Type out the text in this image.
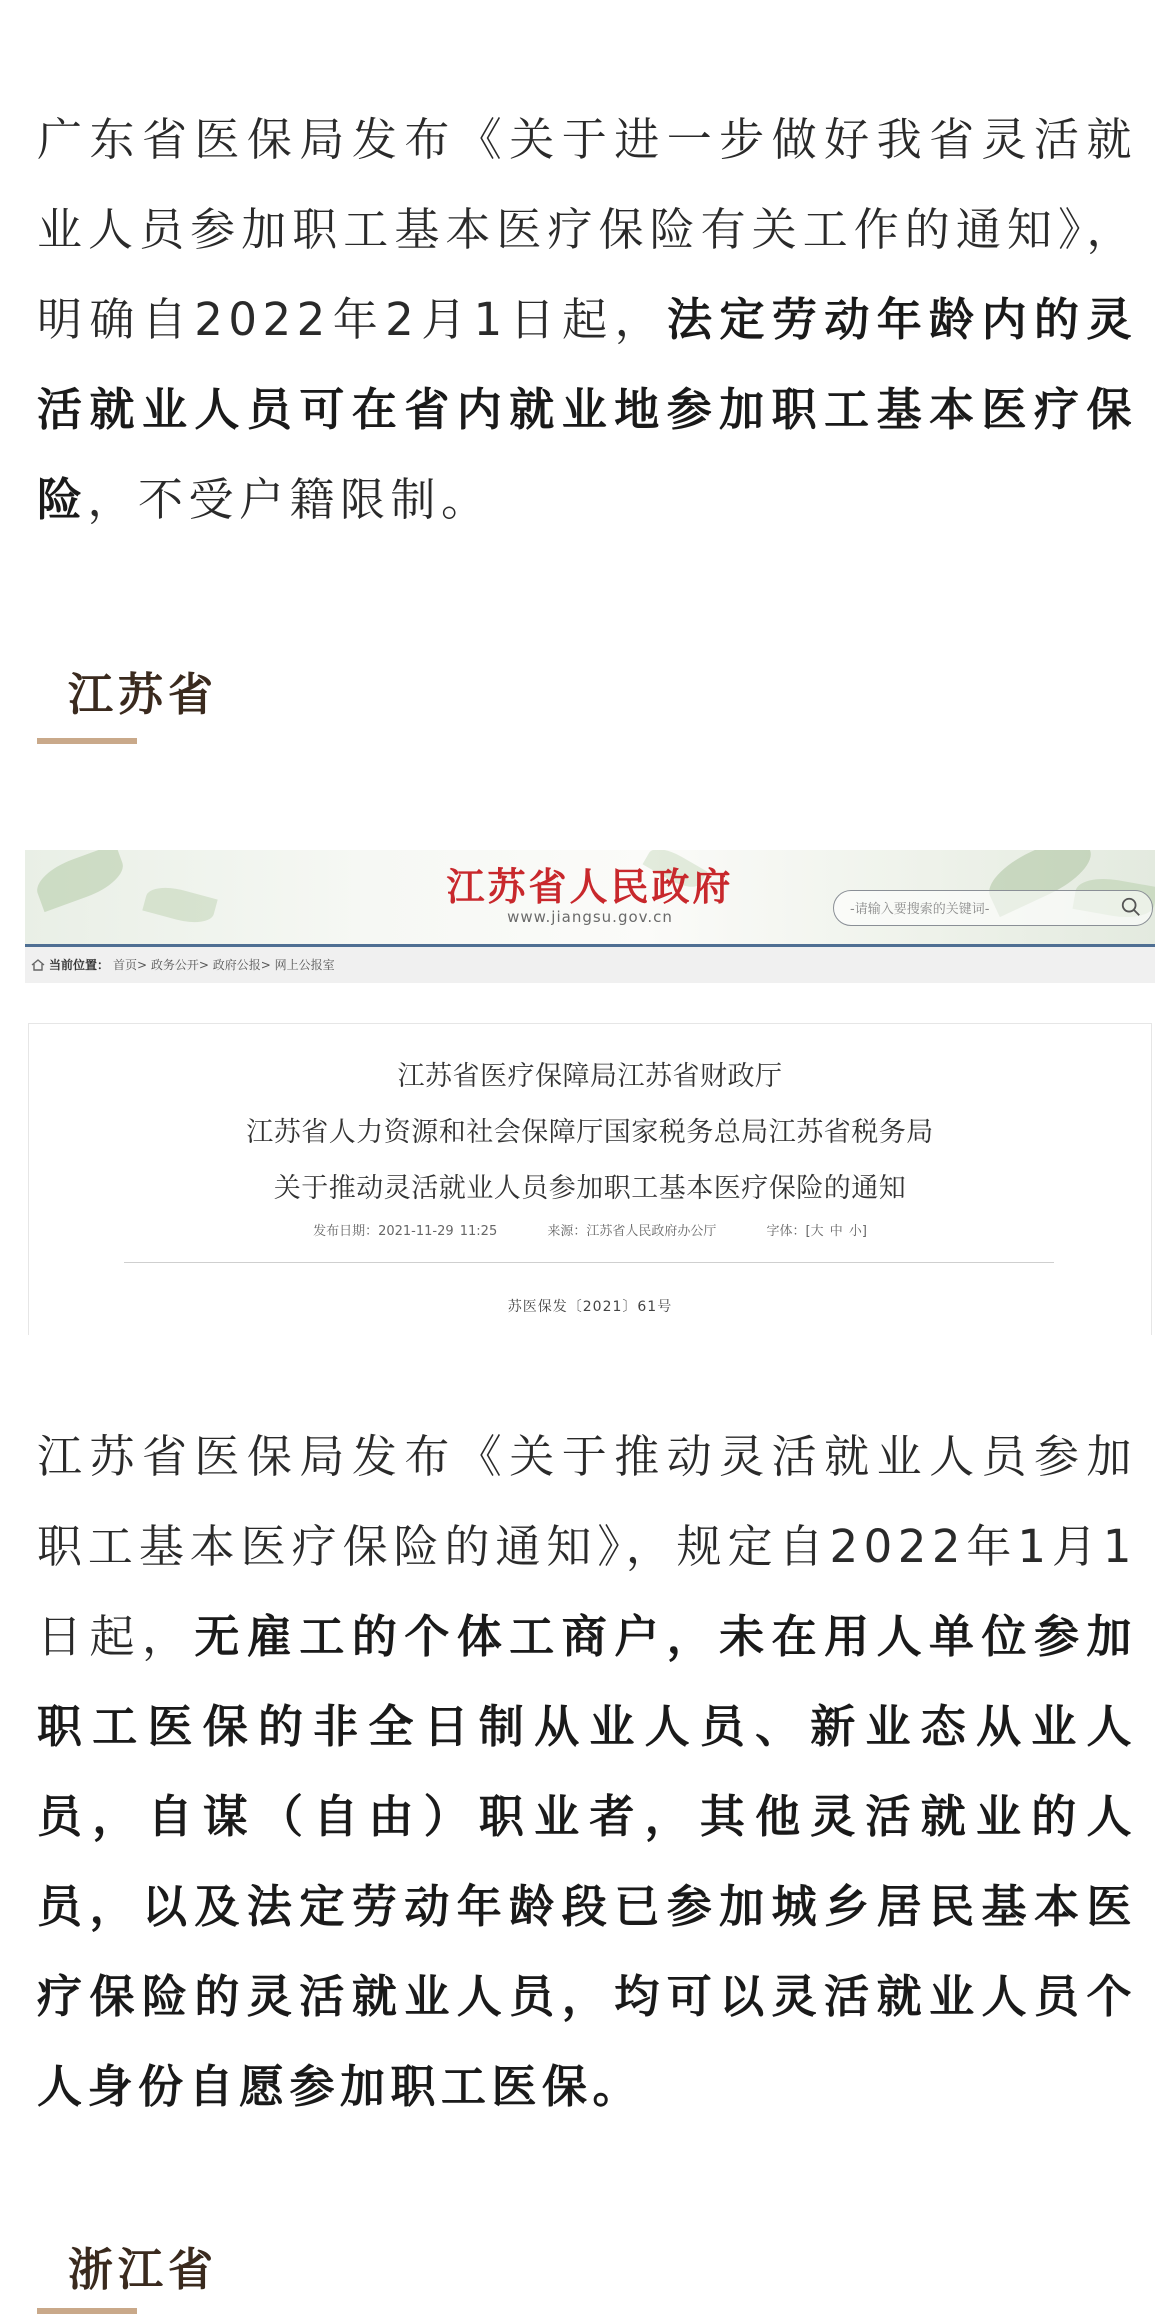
广东省医保局发布《关于进一步做好我省灵活就业人员参加职工基本医疗保险有关工作的通知》，明确自2022年2月1日起，法定劳动年龄内的灵活就业人员可在省内就业地参加职工基本医疗保险，不受户籍限制。

江苏省
江苏省人民政府
www.jiangsu.gov.cn	-请输入要搜索的关键词-
当前位置： 首页> 政务公开> 政府公报> 网上公报室
江苏省医疗保障局江苏省财政厅
江苏省人力资源和社会保障厅国家税务总局江苏省税务局
关于推动灵活就业人员参加职工基本医疗保险的通知
发布日期：2021-11-29 11:25	来源：江苏省人民政府办公厅	字体：[大 中 小]
苏医保发〔2021〕61号

江苏省医保局发布《关于推动灵活就业人员参加职工基本医疗保险的通知》，规定自2022年1月1日起，无雇工的个体工商户，未在用人单位参加职工医保的非全日制从业人员、新业态从业人员，自谋（自由）职业者，其他灵活就业的人员，以及法定劳动年龄段已参加城乡居民基本医疗保险的灵活就业人员，均可以灵活就业人员个人身份自愿参加职工医保。

浙江省
